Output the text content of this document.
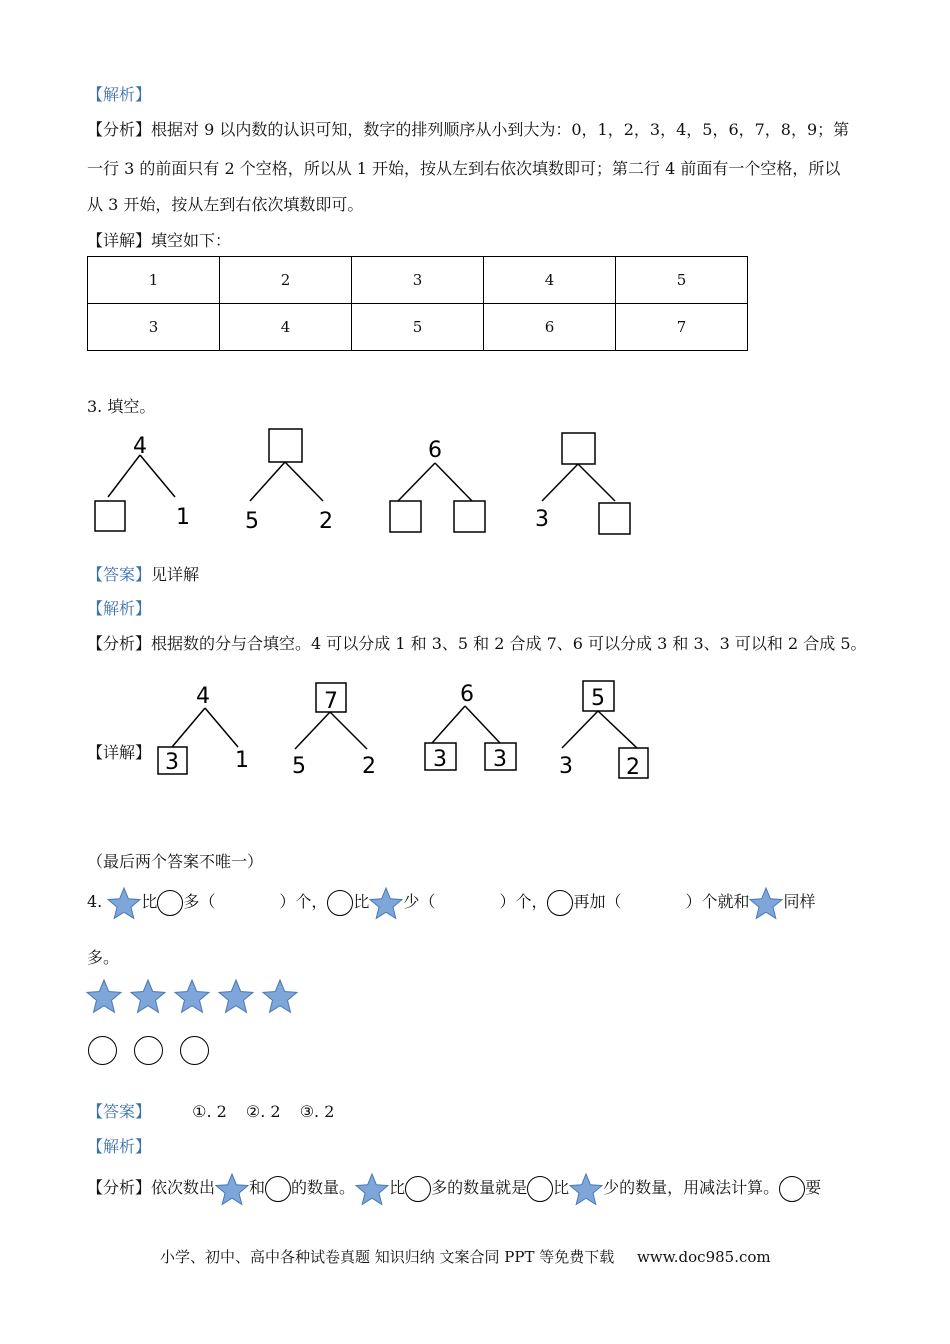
【解析】
【分析】根据对 9 以内数的认识可知，数字的排列顺序从小到大为：0，1，2，3，4，5，6，7，8，9；第
一行 3 的前面只有 2 个空格，所以从 1 开始，按从左到右依次填数即可；第二行 4 前面有一个空格，所以
从 3 开始，按从左到右依次填数即可。
【详解】填空如下：
1	2	3	4	5
3	4	5	6	7
3. 填空。
4
1	5	2
6
3
【答案】见详解
【解析】
【分析】根据数的分与合填空。4 可以分成 1 和 3、5 和 2 合成 7、6 可以分成 3 和 3、3 可以和 2 合成 5。
【详解】
4
3	1
7
5	2
6
3 3
5
3 2
（最后两个答案不唯一）
4. 比 多（	）个， 比 少（	）个， 再加（	）个就和 同样
多。

【答案】	①. 2 ②. 2 ③. 2
【解析】
【分析】依次数出 和 的数量。 比 多的数量就是 比 少的数量，用减法计算。 要
小学、初中、高中各种试卷真题 知识归纳 文案合同 PPT 等免费下载 www.doc985.com
